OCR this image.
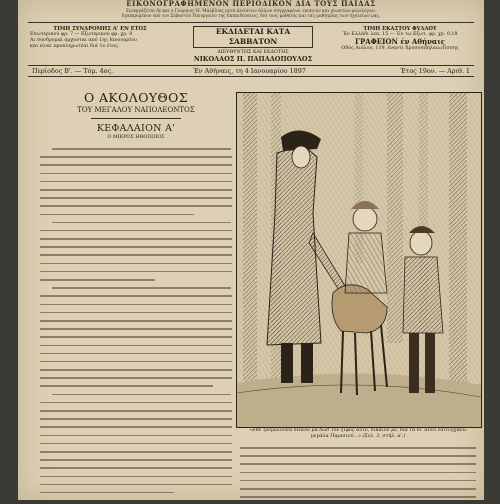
ΕΙΚΟΝΟΓΡΑΦΗΜΕΝΟΝ ΠΕΡΙΟΔΙΚΟΝ ΔΙΑ ΤΟΥΣ ΠΑΙΔΑΣ
Συνεργάζεται δε και ο Γεώργιος Η. Μαλβίνας μετά πλείστων άλλων συγγραφέων, ποιητών και γνωστών φιλολόγων.
Εγκεκριμένον υπό του Σεβαστού Υπουργείου της Εκπαιδεύσεως, διά τους μαθητάς και τας μαθητρίας των σχολείων μας.
ΤΙΜΗ ΣΥΝΔΡΟΜΗΣ Α' ΕΝ ΕΤΟΣ
Εσωτερικού φρ. 7 — Εξωτερικού φρ. χρ. 8
Αι συνδρομαί άρχονται από 1ης Ιανουαρίου
και είναι προπληρωτέαι διά 1ν έτος.
ΕΚΔΙΔΕΤΑΙ ΚΑΤΑ ΣΑΒΒΑΤΟΝ
ΔΙΕΥΘΥΝΤΗΣ ΚΑΙ ΕΚΔΟΤΗΣ
ΝΙΚΟΛΑΟΣ Π. ΠΑΠΑΔΟΠΟΥΛΟΣ
ΤΙΜΗ ΕΚΑΣΤΟΥ ΦΥΛΛΟΥ
Έν Ελλάδι λεπ. 15 — Έν τω Εξωτ. φρ. χρ. 0,18
ΓΡΑΦΕΙΟΝ έν Αθήναις
Οδός Αιόλου, 119, έναντι Χρυσοσπηλαιωτίσσης
Περίοδος Β'. — Τόμ. 4ος.	Έν Αθήναις, τη 4 Ιανουαρίου 1897	Έτος 19ον. — Αριθ. 1
Ο ΑΚΟΛΟΥΘΟΣ
ΤΟΥ ΜΕΓΑΛΟΥ ΝΑΠΟΛΕΟΝΤΟΣ
ΚΕΦΑΛΑΙΟΝ Α'
Ο ΜΙΚΡΟΣ ΗΘΟΠΟΙΟΣ
«Εθε τρεμολουσα διεκον μα δώσ τον ξίφος αυτό, δίκαιόν με, διά τα δι' αυτό επιτυγχάνω μεγάλα Παρισιού...» (Σελ. 3, στήλ. α'.)
